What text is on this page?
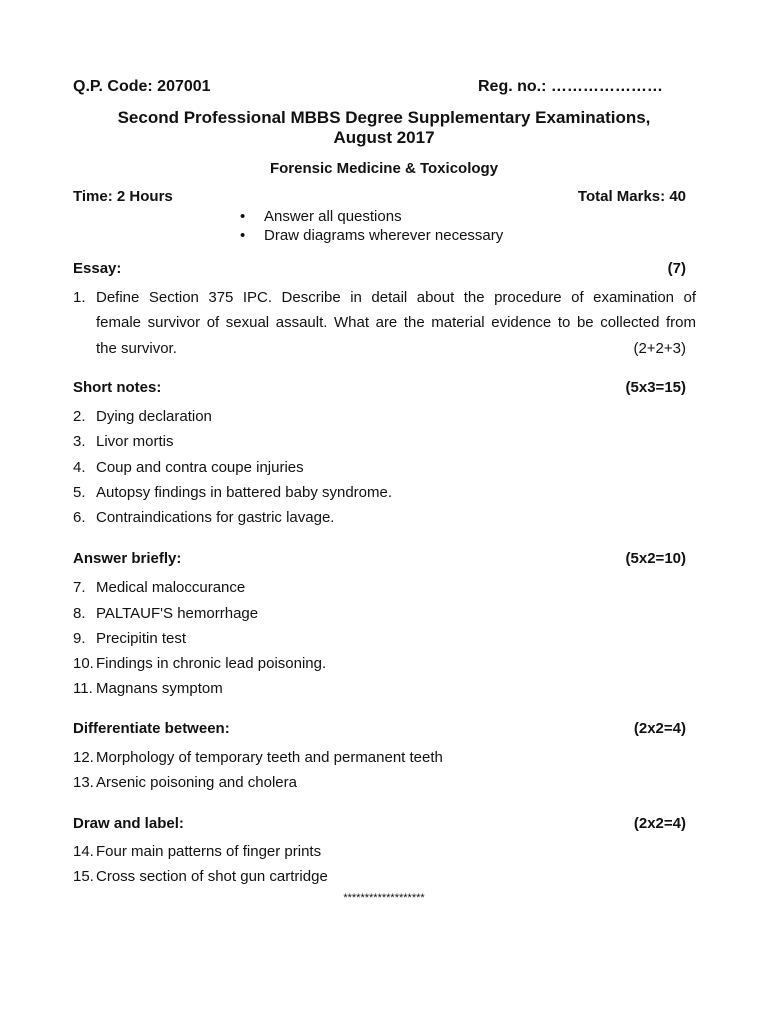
Q.P. Code: 207001	Reg. no.: …………………
Second Professional MBBS Degree Supplementary Examinations,
August 2017
Forensic Medicine & Toxicology
Time: 2 Hours	Total Marks: 40
• Answer all questions
• Draw diagrams wherever necessary
Essay:	(7)
1. Define Section 375 IPC. Describe in detail about the procedure of examination of
female survivor of sexual assault. What are the material evidence to be collected from
the survivor.	(2+2+3)
Short notes:	(5x3=15)
2. Dying declaration
3. Livor mortis
4. Coup and contra coupe injuries
5. Autopsy findings in battered baby syndrome.
6. Contraindications for gastric lavage.
Answer briefly:	(5x2=10)
7. Medical maloccurance
8. PALTAUF'S hemorrhage
9. Precipitin test
10. Findings in chronic lead poisoning.
11. Magnans symptom
Differentiate between:	(2x2=4)
12. Morphology of temporary teeth and permanent teeth
13. Arsenic poisoning and cholera
Draw and label:	(2x2=4)
14. Four main patterns of finger prints
15. Cross section of shot gun cartridge
*******************
